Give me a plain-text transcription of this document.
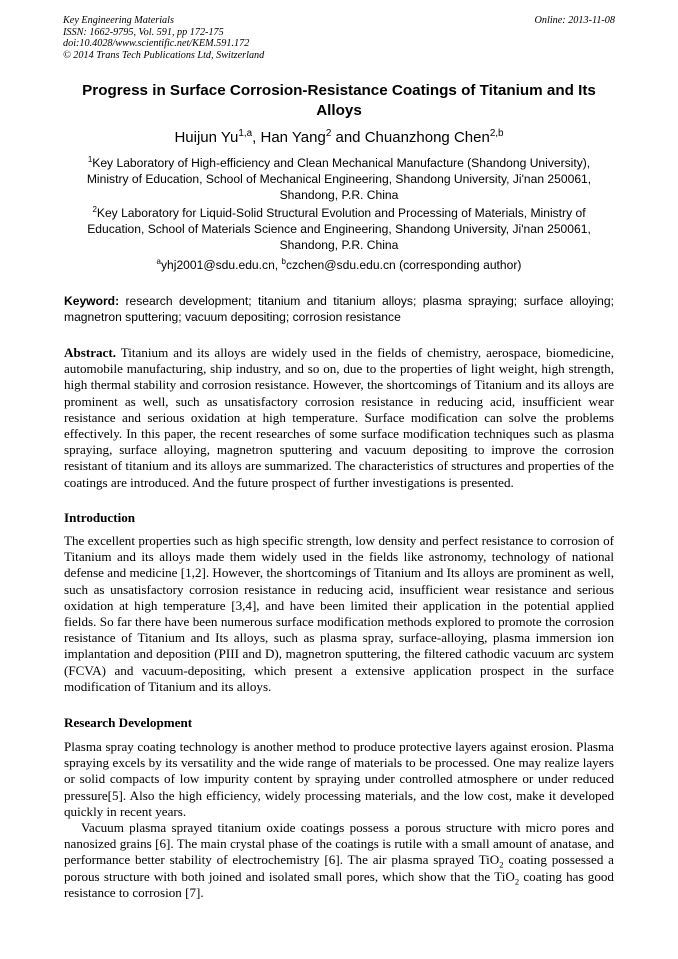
Key Engineering Materials
ISSN: 1662-9795, Vol. 591, pp 172-175
doi:10.4028/www.scientific.net/KEM.591.172
© 2014 Trans Tech Publications Ltd, Switzerland
Online: 2013-11-08
Progress in Surface Corrosion-Resistance Coatings of Titanium and Its Alloys
Huijun Yu$^{1,a}$, Han Yang$^2$ and Chuanzhong Chen$^{2,b}$
$^1$Key Laboratory of High-efficiency and Clean Mechanical Manufacture (Shandong University), Ministry of Education, School of Mechanical Engineering, Shandong University, Ji'nan 250061, Shandong, P.R. China
$^2$Key Laboratory for Liquid-Solid Structural Evolution and Processing of Materials, Ministry of Education, School of Materials Science and Engineering, Shandong University, Ji'nan 250061, Shandong, P.R. China
$^a$yhj2001@sdu.edu.cn, $^b$czchen@sdu.edu.cn (corresponding author)
Keyword: research development; titanium and titanium alloys; plasma spraying; surface alloying; magnetron sputtering; vacuum depositing; corrosion resistance
Abstract. Titanium and its alloys are widely used in the fields of chemistry, aerospace, biomedicine, automobile manufacturing, ship industry, and so on, due to the properties of light weight, high strength, high thermal stability and corrosion resistance. However, the shortcomings of Titanium and its alloys are prominent as well, such as unsatisfactory corrosion resistance in reducing acid, insufficient wear resistance and serious oxidation at high temperature. Surface modification can solve the problems effectively. In this paper, the recent researches of some surface modification techniques such as plasma spraying, surface alloying, magnetron sputtering and vacuum depositing to improve the corrosion resistant of titanium and its alloys are summarized. The characteristics of structures and properties of the coatings are introduced. And the future prospect of further investigations is presented.
Introduction
The excellent properties such as high specific strength, low density and perfect resistance to corrosion of Titanium and its alloys made them widely used in the fields like astronomy, technology of national defense and medicine [1,2]. However, the shortcomings of Titanium and Its alloys are prominent as well, such as unsatisfactory corrosion resistance in reducing acid, insufficient wear resistance and serious oxidation at high temperature [3,4], and have been limited their application in the potential applied fields. So far there have been numerous surface modification methods explored to promote the corrosion resistance of Titanium and Its alloys, such as plasma spray, surface-alloying, plasma immersion ion implantation and deposition (PIII and D), magnetron sputtering, the filtered cathodic vacuum arc system (FCVA) and vacuum-depositing, which present a extensive application prospect in the surface modification of Titanium and its alloys.
Research Development
Plasma spray coating technology is another method to produce protective layers against erosion. Plasma spraying excels by its versatility and the wide range of materials to be processed. One may realize layers or solid compacts of low impurity content by spraying under controlled atmosphere or under reduced pressure[5]. Also the high efficiency, widely processing materials, and the low cost, make it developed quickly in recent years.
Vacuum plasma sprayed titanium oxide coatings possess a porous structure with micro pores and nanosized grains [6]. The main crystal phase of the coatings is rutile with a small amount of anatase, and performance better stability of electrochemistry [6]. The air plasma sprayed TiO$_2$ coating possessed a porous structure with both joined and isolated small pores, which show that the TiO$_2$ coating has good resistance to corrosion [7].
